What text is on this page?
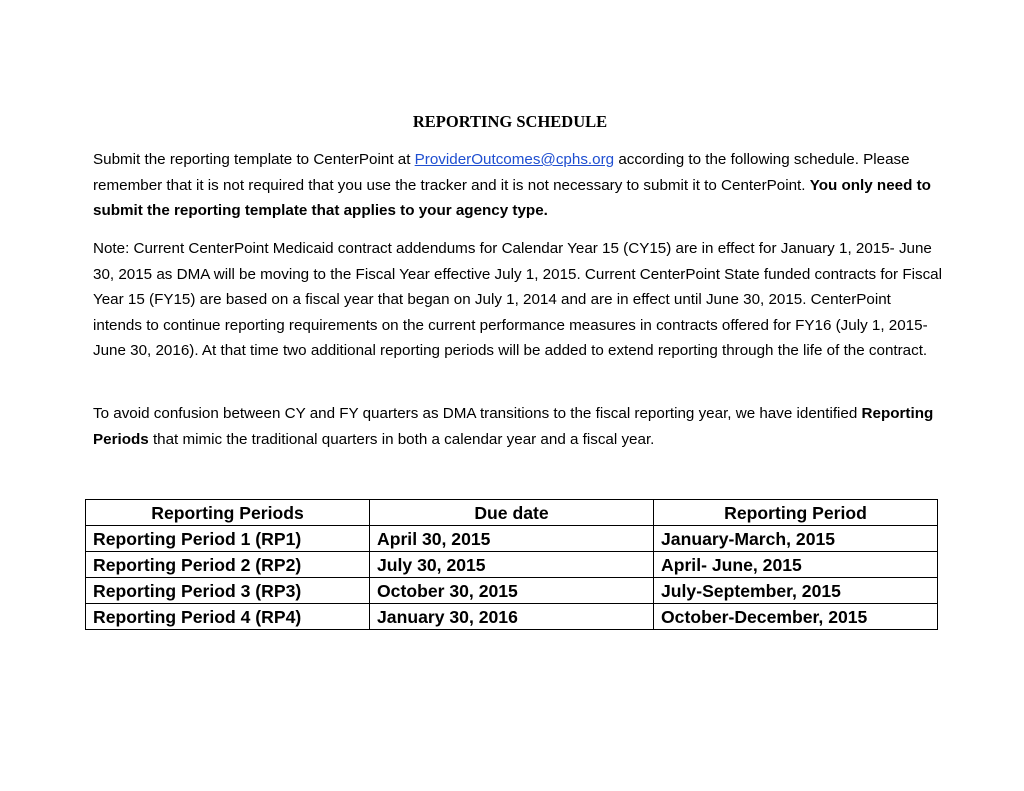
REPORTING SCHEDULE

Submit the reporting template to CenterPoint at ProviderOutcomes@cphs.org according to the following schedule. Please remember that it is not required that you use the tracker and it is not necessary to submit it to CenterPoint. You only need to submit the reporting template that applies to your agency type.

Note: Current CenterPoint Medicaid contract addendums for Calendar Year 15 (CY15) are in effect for January 1, 2015- June 30, 2015 as DMA will be moving to the Fiscal Year effective July 1, 2015. Current CenterPoint State funded contracts for Fiscal Year 15 (FY15) are based on a fiscal year that began on July 1, 2014 and are in effect until June 30, 2015. CenterPoint intends to continue reporting requirements on the current performance measures in contracts offered for FY16 (July 1, 2015- June 30, 2016). At that time two additional reporting periods will be added to extend reporting through the life of the contract.

To avoid confusion between CY and FY quarters as DMA transitions to the fiscal reporting year, we have identified Reporting Periods that mimic the traditional quarters in both a calendar year and a fiscal year.

Reporting Periods	Due date	Reporting Period
Reporting Period 1 (RP1)	April 30, 2015	January-March, 2015
Reporting Period 2 (RP2)	July 30, 2015	April- June, 2015
Reporting Period 3 (RP3)	October 30, 2015	July-September, 2015
Reporting Period 4 (RP4)	January 30, 2016	October-December, 2015
